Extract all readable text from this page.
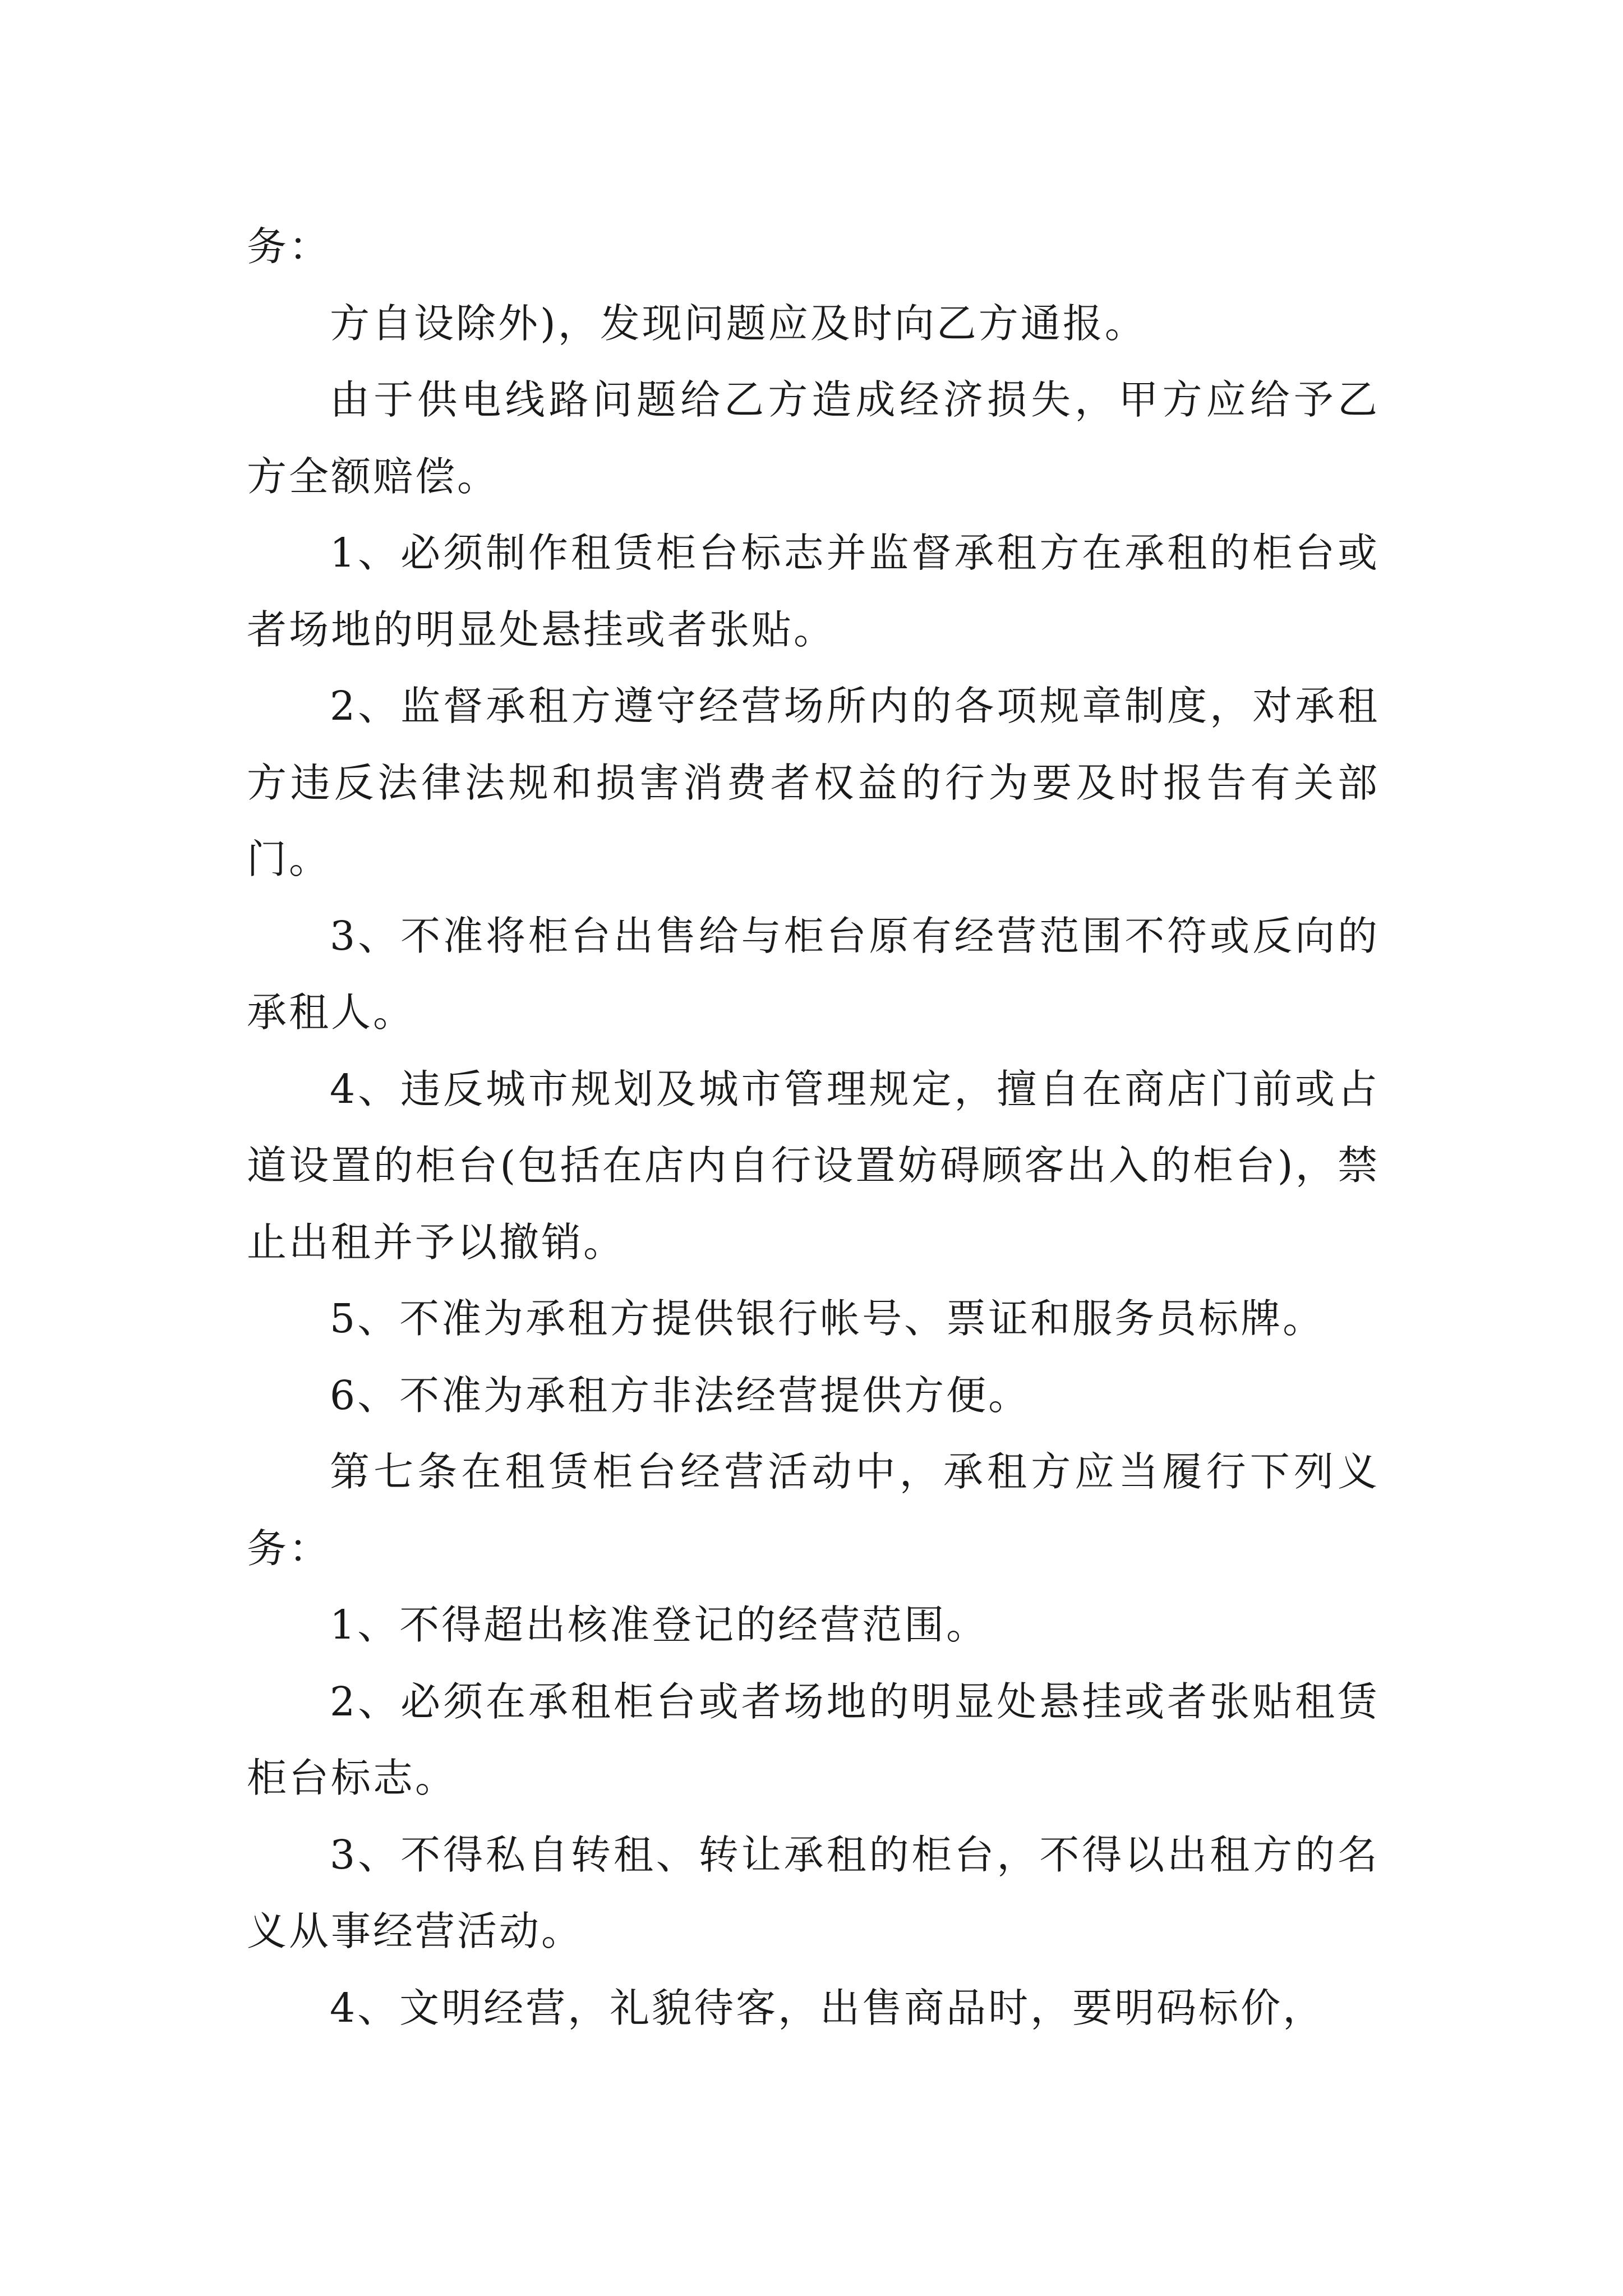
务：

方自设除外)，发现问题应及时向乙方通报。

由于供电线路问题给乙方造成经济损失，甲方应给予乙方全额赔偿。

1、必须制作租赁柜台标志并监督承租方在承租的柜台或者场地的明显处悬挂或者张贴。

2、监督承租方遵守经营场所内的各项规章制度，对承租方违反法律法规和损害消费者权益的行为要及时报告有关部门。

3、不准将柜台出售给与柜台原有经营范围不符或反向的承租人。

4、违反城市规划及城市管理规定，擅自在商店门前或占道设置的柜台(包括在店内自行设置妨碍顾客出入的柜台)，禁止出租并予以撤销。

5、不准为承租方提供银行帐号、票证和服务员标牌。

6、不准为承租方非法经营提供方便。

第七条在租赁柜台经营活动中，承租方应当履行下列义务：

1、不得超出核准登记的经营范围。

2、必须在承租柜台或者场地的明显处悬挂或者张贴租赁柜台标志。

3、不得私自转租、转让承租的柜台，不得以出租方的名义从事经营活动。

4、文明经营，礼貌待客，出售商品时，要明码标价，
